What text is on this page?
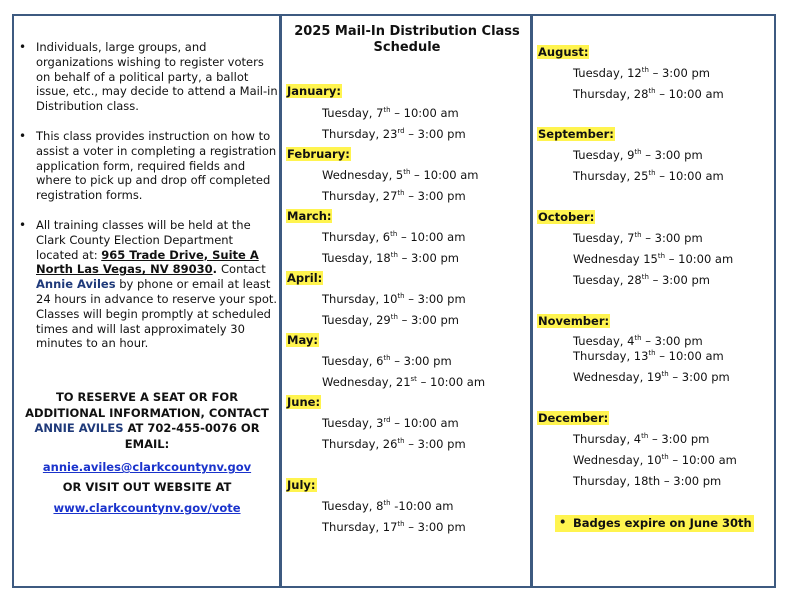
• Individuals, large groups, and organizations wishing to register voters on behalf of a political party, a ballot issue, etc., may decide to attend a Mail-in Distribution class.
• This class provides instruction on how to assist a voter in completing a registration application form, required fields and where to pick up and drop off completed registration forms.
• All training classes will be held at the Clark County Election Department located at: 965 Trade Drive, Suite A North Las Vegas, NV 89030. Contact Annie Aviles by phone or email at least 24 hours in advance to reserve your spot. Classes will begin promptly at scheduled times and will last approximately 30 minutes to an hour.
TO RESERVE A SEAT OR FOR ADDITIONAL INFORMATION, CONTACT ANNIE AVILES AT 702-455-0076 OR EMAIL:
annie.aviles@clarkcountynv.gov
OR VISIT OUT WEBSITE AT
www.clarkcountynv.gov/vote
2025 Mail-In Distribution Class Schedule
January:
Tuesday, 7th – 10:00 am
Thursday, 23rd – 3:00 pm
February:
Wednesday, 5th – 10:00 am
Thursday, 27th – 3:00 pm
March:
Thursday, 6th – 10:00 am
Tuesday, 18th – 3:00 pm
April:
Thursday, 10th – 3:00 pm
Tuesday, 29th – 3:00 pm
May:
Tuesday, 6th – 3:00 pm
Wednesday, 21st – 10:00 am
June:
Tuesday, 3rd – 10:00 am
Thursday, 26th – 3:00 pm
July:
Tuesday, 8th -10:00 am
Thursday, 17th – 3:00 pm
•	Badges expire on June 30th
August:
Tuesday, 12th – 3:00 pm
Thursday, 28th – 10:00 am
September:
Tuesday, 9th – 3:00 pm
Thursday, 25th – 10:00 am
October:
Tuesday, 7th – 3:00 pm
Wednesday 15th – 10:00 am
Tuesday, 28th – 3:00 pm
November:
Tuesday, 4th – 3:00 pm
Thursday, 13th – 10:00 am
Wednesday, 19th – 3:00 pm
December:
Thursday, 4th – 3:00 pm
Wednesday, 10th – 10:00 am
Thursday, 18th – 3:00 pm
